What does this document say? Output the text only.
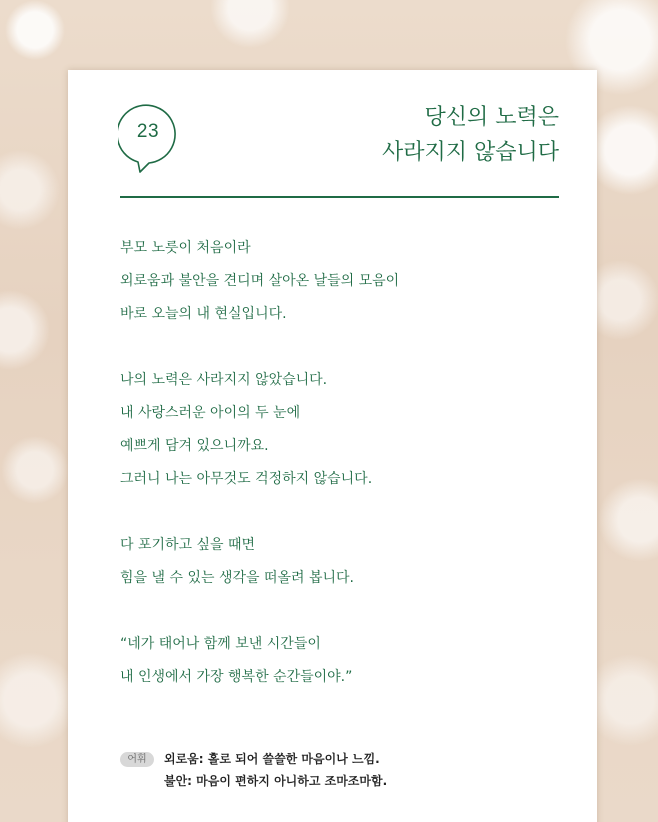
23
당신의 노력은
사라지지 않습니다
부모 노릇이 처음이라
외로움과 불안을 견디며 살아온 날들의 모음이
바로 오늘의 내 현실입니다.
나의 노력은 사라지지 않았습니다.
내 사랑스러운 아이의 두 눈에
예쁘게 담겨 있으니까요.
그러니 나는 아무것도 걱정하지 않습니다.
다 포기하고 싶을 때면
힘을 낼 수 있는 생각을 떠올려 봅니다.
“네가 태어나 함께 보낸 시간들이
내 인생에서 가장 행복한 순간들이야.”
어휘	외로움: 홀로 되어 쓸쓸한 마음이나 느낌.
불안: 마음이 편하지 아니하고 조마조마함.
